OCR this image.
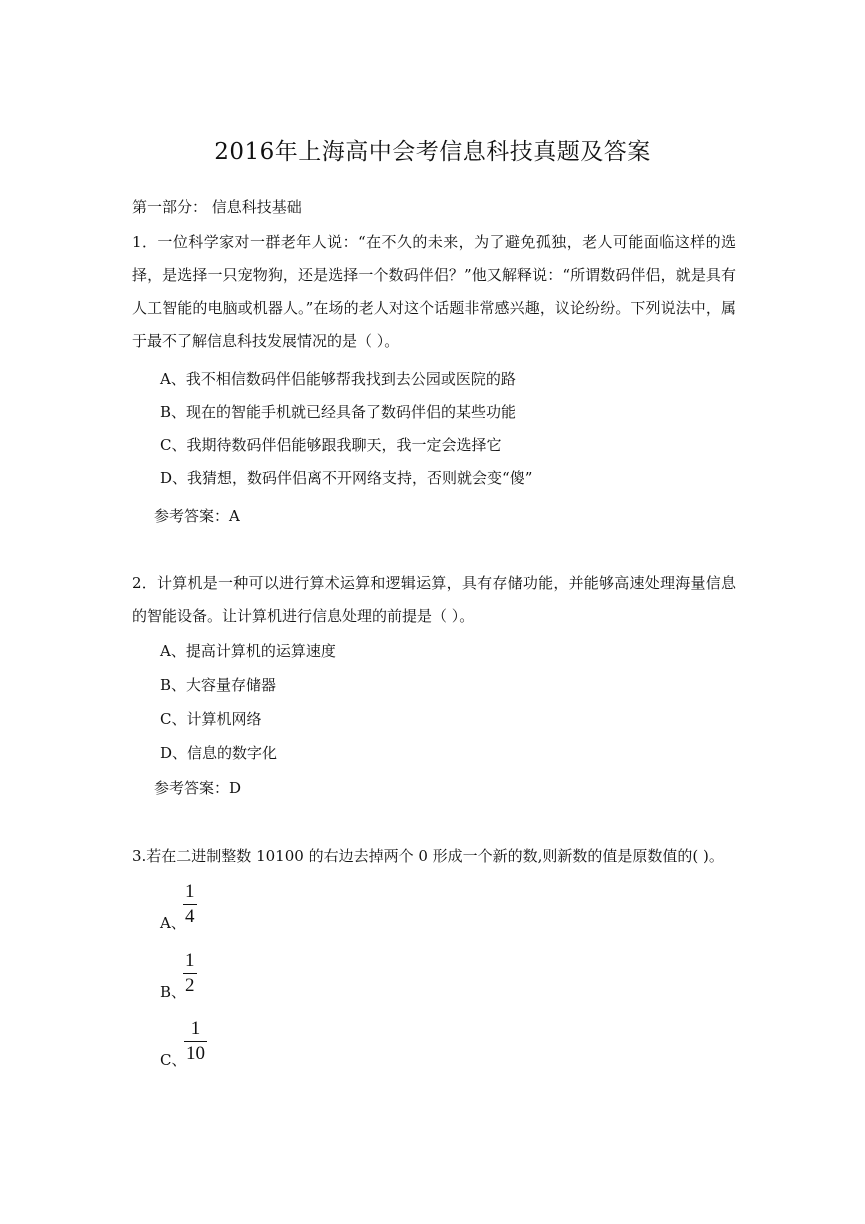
2016年上海高中会考信息科技真题及答案
第一部分： 信息科技基础
1．一位科学家对一群老年人说：“在不久的未来，为了避免孤独，老人可能面临这样的选择，是选择一只宠物狗，还是选择一个数码伴侣？”他又解释说：“所谓数码伴侣，就是具有人工智能的电脑或机器人。”在场的老人对这个话题非常感兴趣，议论纷纷。下列说法中，属于最不了解信息科技发展情况的是（ ）。
A、我不相信数码伴侣能够帮我找到去公园或医院的路
B、现在的智能手机就已经具备了数码伴侣的某些功能
C、我期待数码伴侣能够跟我聊天，我一定会选择它
D、我猜想，数码伴侣离不开网络支持，否则就会变“傻”
参考答案：A
2．计算机是一种可以进行算术运算和逻辑运算，具有存储功能，并能够高速处理海量信息的智能设备。让计算机进行信息处理的前提是（ ）。
A、提高计算机的运算速度
B、大容量存储器
C、计算机网络
D、信息的数字化
参考答案：D
3.若在二进制整数 10100 的右边去掉两个 0 形成一个新的数,则新数的值是原数值的( )。
A、
1
4
B、
1
2
C、
1
10
